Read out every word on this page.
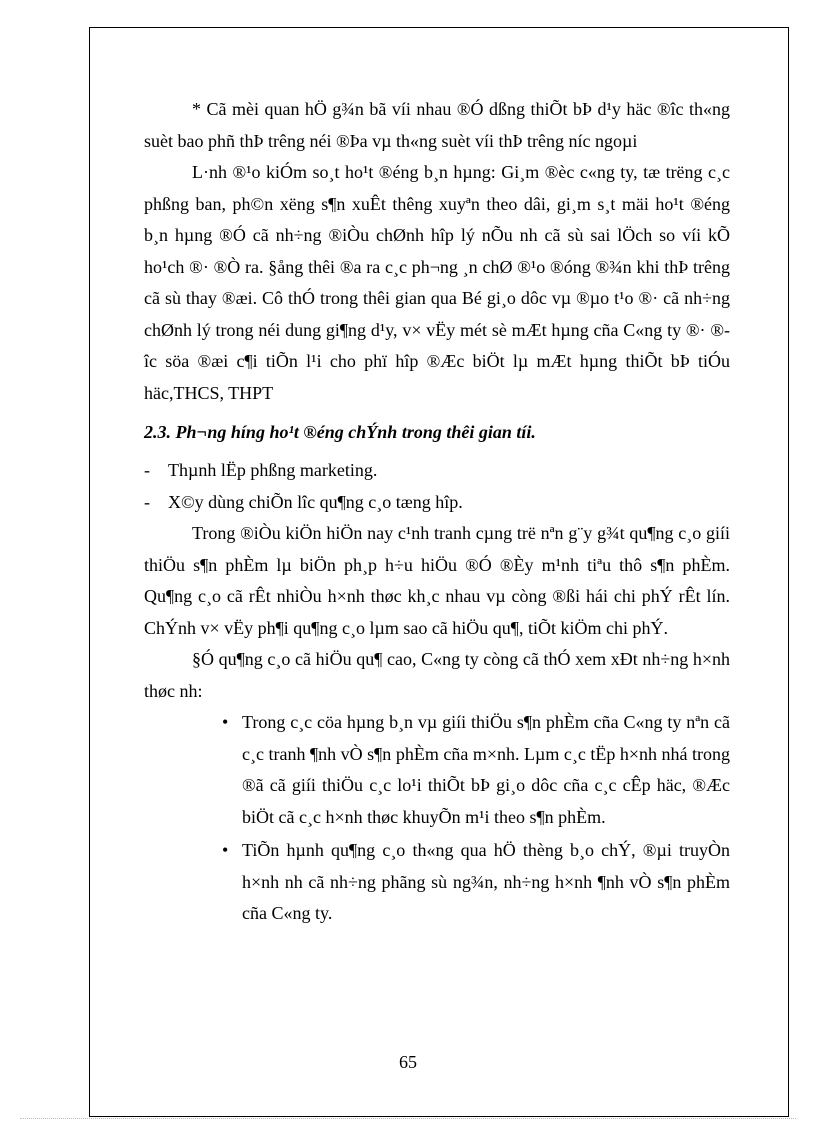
* Cã mèi quan hÖ g¾n bã víi nhau ®Ó dßng thiÕt bÞ d¹y häc ®îc th«ng suèt bao phñ thÞ trêng néi ®Þa vµ th«ng suèt víi thÞ trêng níc ngoµi

L·nh ®¹o kiÓm so¸t ho¹t ®éng b¸n hµng: Gi¸m ®èc c«ng ty, tæ trëng c¸c phßng ban, ph©n xëng s¶n xuÊt thêng xuyªn theo dâi, gi¸m s¸t mäi ho¹t ®éng b¸n hµng ®Ó cã nh÷ng ®iÒu chØnh hîp lý nÕu nh cã sù sai lÖch so víi kÕ ho¹ch ®· ®Ò ra. §ång thêi ®a ra c¸c ph¬ng ¸n chØ ®¹o ®óng ®¾n khi thÞ trêng cã sù thay ®æi. Cô thÓ trong thêi gian qua Bé gi¸o dôc vµ ®µo t¹o ®· cã nh÷ng chØnh lý trong néi dung gi¶ng d¹y, v× vËy mét sè mÆt hµng cña C«ng ty ®· ®îc söa ®æi c¶i tiÕn l¹i cho phï hîp ®Æc biÖt lµ mÆt hµng thiÕt bÞ tiÓu häc,THCS, THPT

2.3. Ph¬ng híng ho¹t ®éng chÝnh trong thêi gian tíi.

- Thµnh lËp phßng marketing.
- X©y dùng chiÕn lîc qu¶ng c¸o tæng hîp.

Trong ®iÒu kiÖn hiÖn nay c¹nh tranh cµng trë nªn g¨y g¾t qu¶ng c¸o giíi thiÖu s¶n phÈm lµ biÖn ph¸p h÷u hiÖu ®Ó ®Èy m¹nh tiªu thô s¶n phÈm. Qu¶ng c¸o cã rÊt nhiÒu h×nh thøc kh¸c nhau vµ còng ®ßi hái chi phÝ rÊt lín. ChÝnh v× vËy ph¶i qu¶ng c¸o lµm sao cã hiÖu qu¶, tiÕt kiÖm chi phÝ.

§Ó qu¶ng c¸o cã hiÖu qu¶ cao, C«ng ty còng cã thÓ xem xÐt nh÷ng h×nh thøc nh:

• Trong c¸c cöa hµng b¸n vµ giíi thiÖu s¶n phÈm cña C«ng ty nªn cã c¸c tranh ¶nh vÒ s¶n phÈm cña m×nh. Lµm c¸c tËp h×nh nhá trong ®ã cã giíi thiÖu c¸c lo¹i thiÕt bÞ gi¸o dôc cña c¸c cÊp häc, ®Æc biÖt cã c¸c h×nh thøc khuyÕn m¹i theo s¶n phÈm.
• TiÕn hµnh qu¶ng c¸o th«ng qua hÖ thèng b¸o chÝ, ®µi truyÒn h×nh nh cã nh÷ng phãng sù ng¾n, nh÷ng h×nh ¶nh vÒ s¶n phÈm cña C«ng ty.
65
